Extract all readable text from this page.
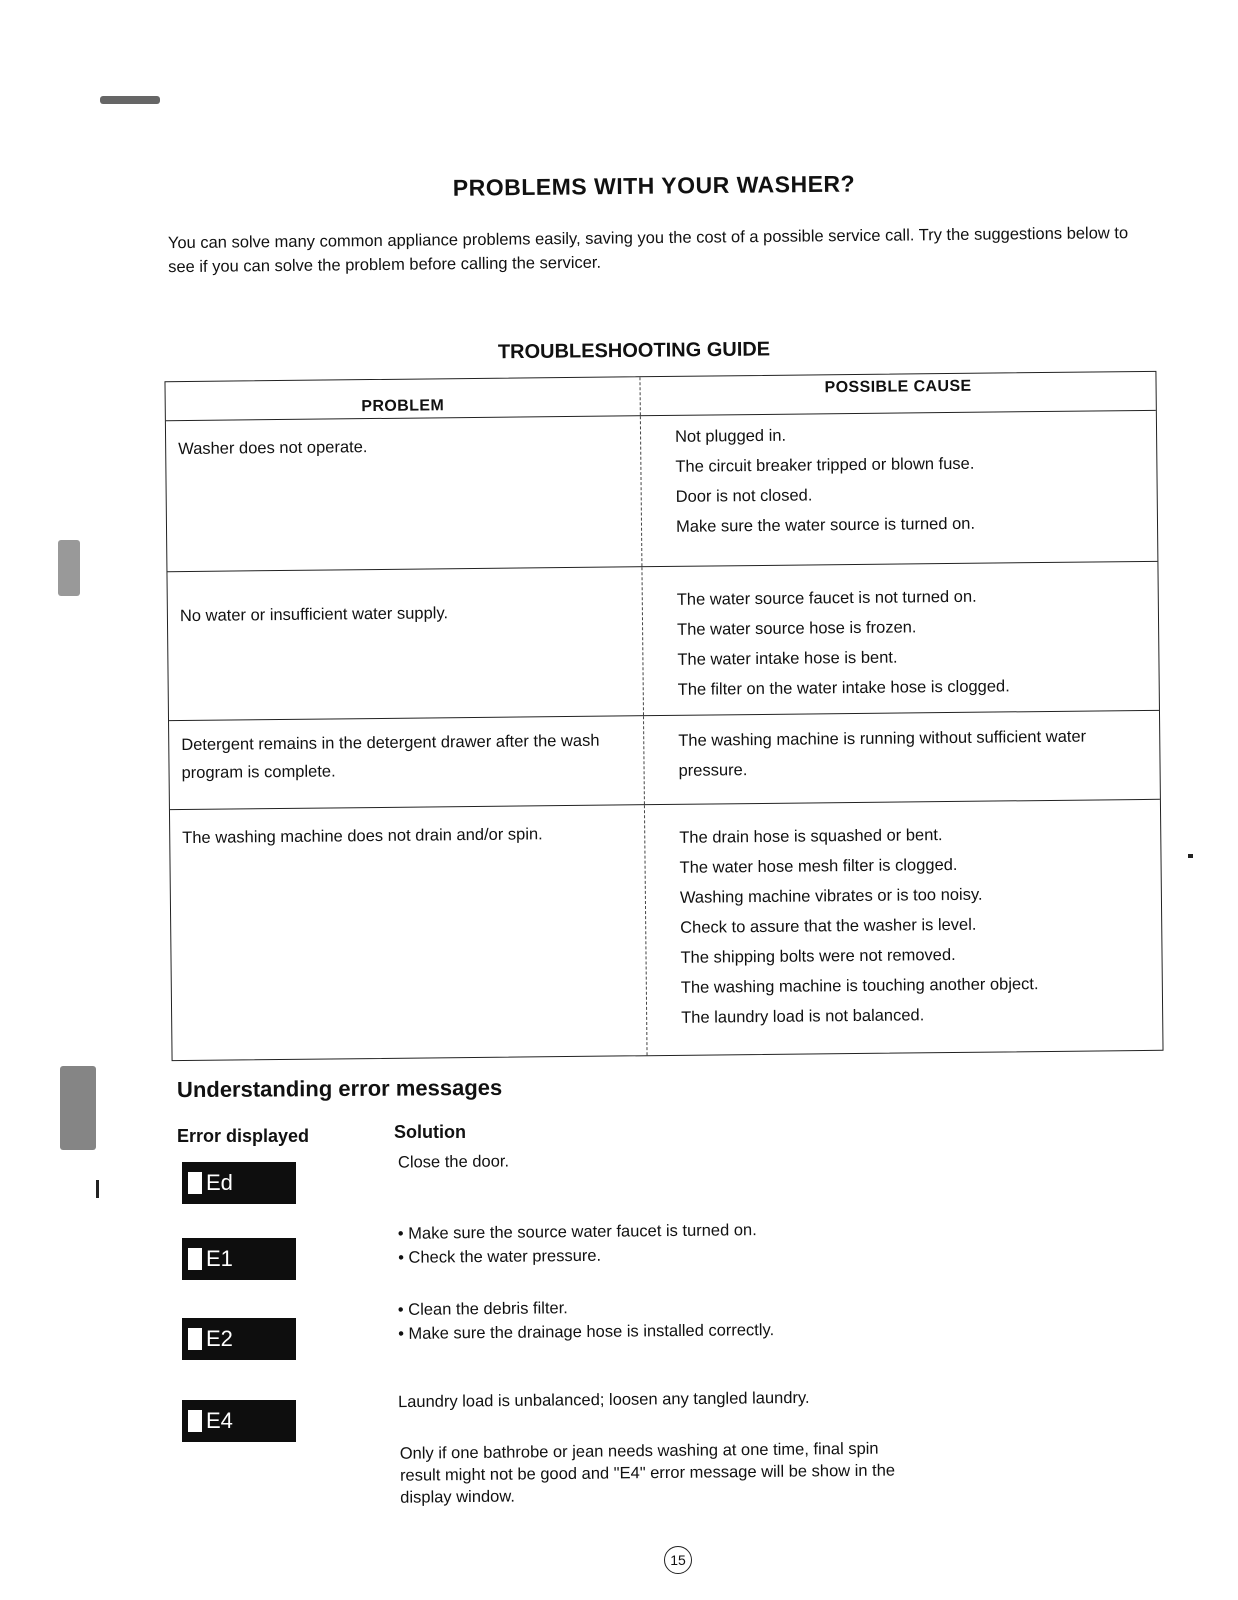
PROBLEMS WITH YOUR WASHER?
You can solve many common appliance problems easily, saving you the cost of a possible service call. Try the suggestions below to see if you can solve the problem before calling the servicer.
TROUBLESHOOTING GUIDE
PROBLEM
POSSIBLE CAUSE
Washer does not operate.
Not plugged in.
The circuit breaker tripped or blown fuse.
Door is not closed.
Make sure the water source is turned on.
No water or insufficient water supply.
The water source faucet is not turned on.
The water source hose is frozen.
The water intake hose is bent.
The filter on the water intake hose is clogged.
Detergent remains in the detergent drawer after the wash program is complete.
The washing machine is running without sufficient water pressure.
The washing machine does not drain and/or spin.	The drain hose is squashed or bent.
The water hose mesh filter is clogged.
Washing machine vibrates or is too noisy.
Check to assure that the washer is level.
The shipping bolts were not removed.
The washing machine is touching another object.
The laundry load is not balanced.
Understanding error messages
Error displayed	Solution
Ed
Close the door.
E1
• Make sure the source water faucet is turned on.
• Check the water pressure.
E2
• Clean the debris filter.
• Make sure the drainage hose is installed correctly.
E4
Laundry load is unbalanced; loosen any tangled laundry.
Only if one bathrobe or jean needs washing at one time, final spin result might not be good and "E4" error message will be show in the display window.
15
